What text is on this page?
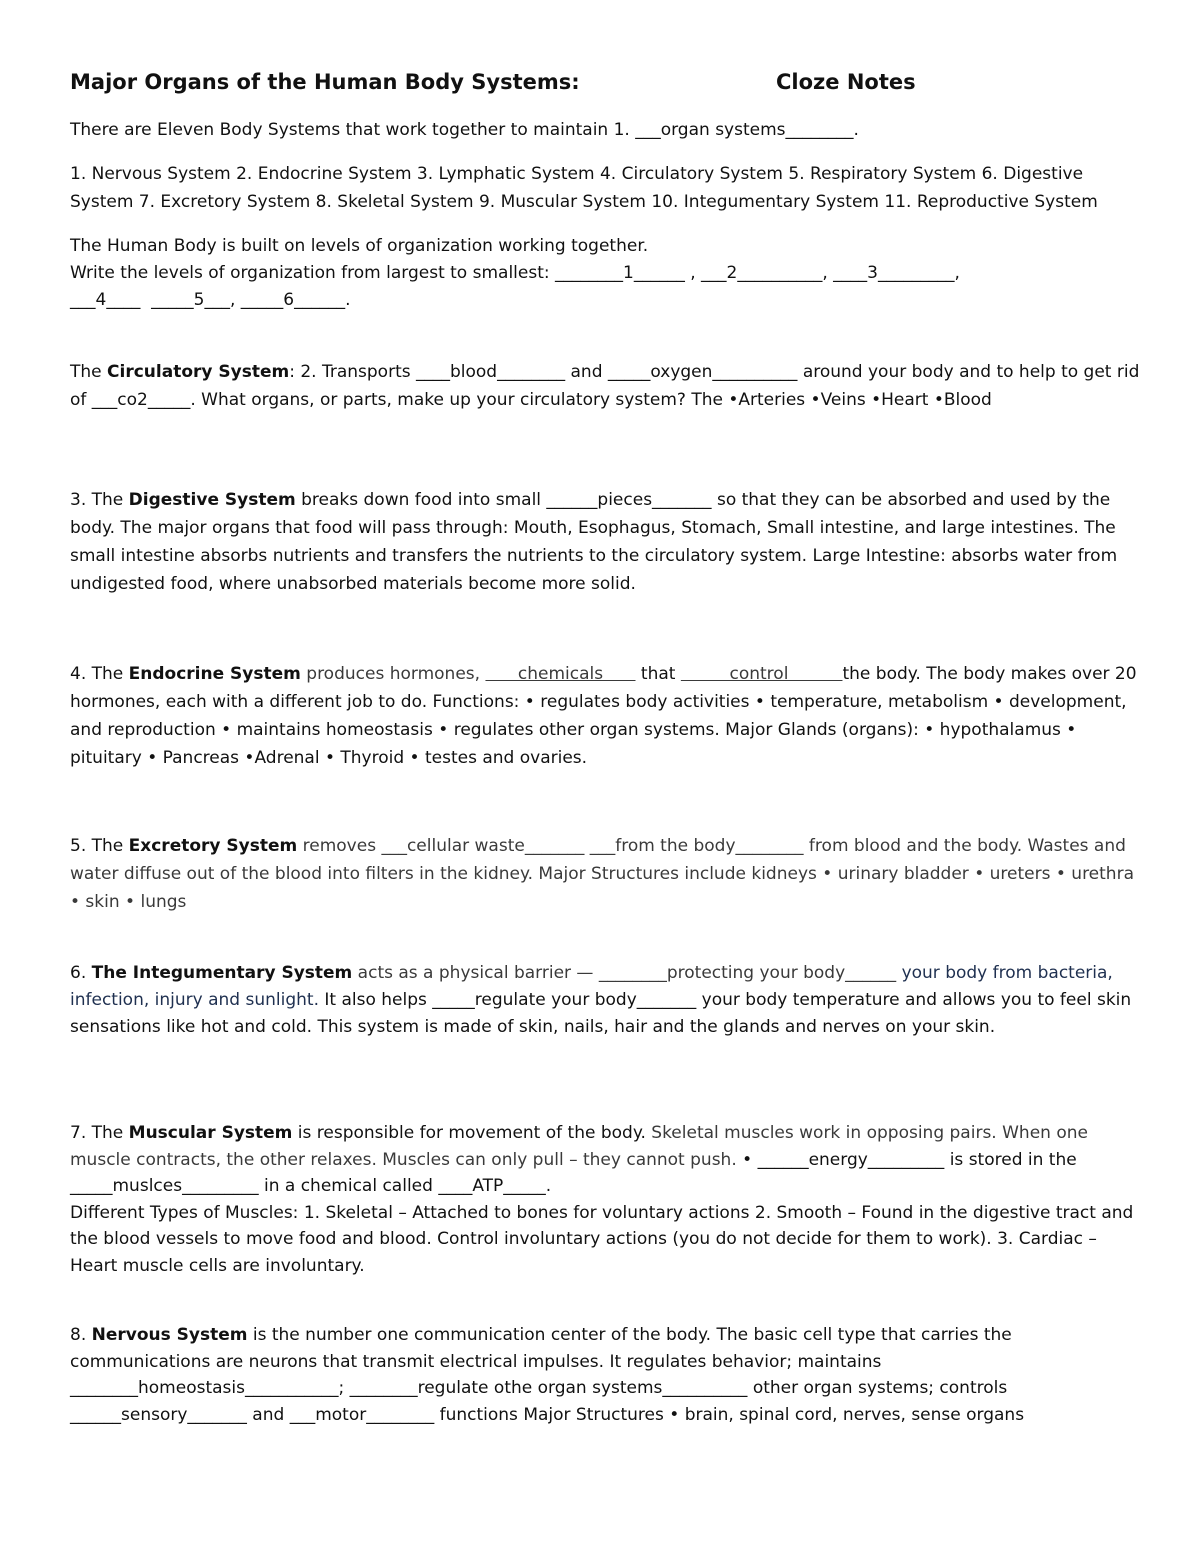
Major Organs of the Human Body Systems:	Cloze Notes
There are Eleven Body Systems that work together to maintain 1. ___organ systems________.
1. Nervous System 2. Endocrine System 3. Lymphatic System 4. Circulatory System 5. Respiratory System 6. Digestive
System 7. Excretory System 8. Skeletal System 9. Muscular System 10. Integumentary System 11. Reproductive System
The Human Body is built on levels of organization working together.
Write the levels of organization from largest to smallest: ________1______ , ___2__________, ____3_________,
___4____  _____5___, _____6______.
The Circulatory System: 2. Transports ____blood________ and _____oxygen__________ around your body and to help to get rid of ___co2_____. What organs, or parts, make up your circulatory system? The •Arteries •Veins •Heart •Blood
3. The Digestive System breaks down food into small ______pieces_______ so that they can be absorbed and used by the body. The major organs that food will pass through: Mouth, Esophagus, Stomach, Small intestine, and large intestines. The small intestine absorbs nutrients and transfers the nutrients to the circulatory system. Large Intestine: absorbs water from undigested food, where unabsorbed materials become more solid.
4. The Endocrine System produces hormones,       chemicals       that          control          the body. The body makes over 20 hormones, each with a different job to do. Functions: • regulates body activities • temperature, metabolism • development, and reproduction • maintains homeostasis • regulates other organ systems. Major Glands (organs): • hypothalamus • pituitary • Pancreas •Adrenal • Thyroid • testes and ovaries.
5. The Excretory System removes ___cellular waste_______ ___from the body________ from blood and the body. Wastes and water diffuse out of the blood into filters in the kidney. Major Structures include kidneys • urinary bladder • ureters • urethra • skin • lungs
6. The Integumentary System acts as a physical barrier — ________protecting your body______ your body from bacteria, infection, injury and sunlight. It also helps _____regulate your body_______ your body temperature and allows you to feel skin sensations like hot and cold. This system is made of skin, nails, hair and the glands and nerves on your skin.
7. The Muscular System is responsible for movement of the body. Skeletal muscles work in opposing pairs. When one muscle contracts, the other relaxes. Muscles can only pull – they cannot push. • ______energy_________ is stored in the _____muslces_________ in a chemical called ____ATP_____.
Different Types of Muscles: 1. Skeletal – Attached to bones for voluntary actions 2. Smooth – Found in the digestive tract and the blood vessels to move food and blood. Control involuntary actions (you do not decide for them to work). 3. Cardiac –Heart muscle cells are involuntary.
8. Nervous System is the number one communication center of the body. The basic cell type that carries the communications are neurons that transmit electrical impulses. It regulates behavior; maintains ________homeostasis___________; ________regulate othe organ systems__________ other organ systems; controls ______sensory_______ and ___motor________ functions Major Structures • brain, spinal cord, nerves, sense organs
